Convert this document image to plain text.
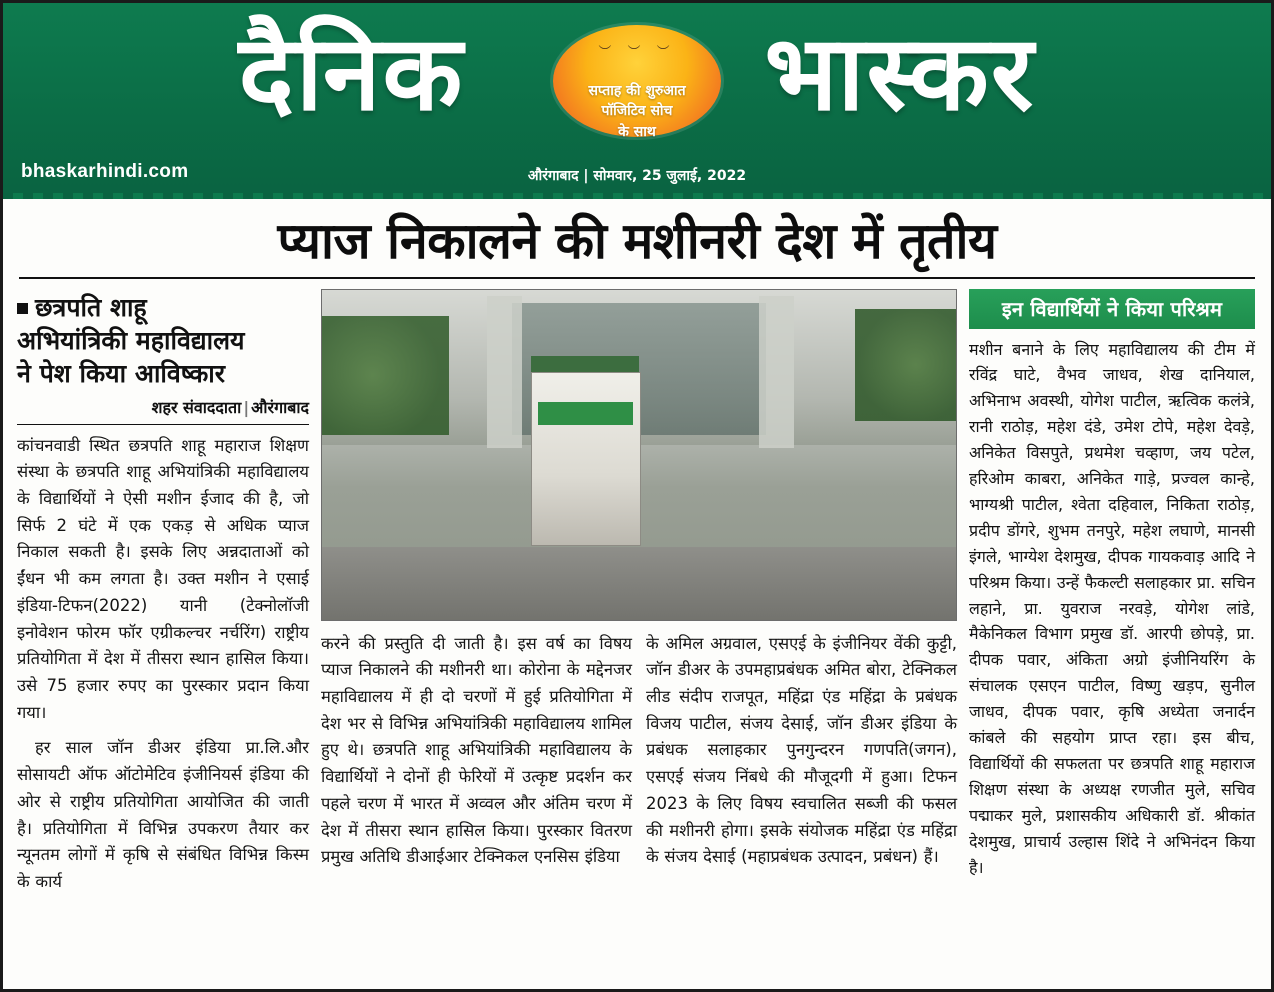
दैनिक	भास्कर
︶ ︶ ︶
सप्ताह की शुरुआत
पॉजिटिव सोच
के साथ
bhaskarhindi.com	औरंगाबाद | सोमवार, 25 जुलाई, 2022
प्याज निकालने की मशीनरी देश में तृतीय
छत्रपति शाहू
अभियांत्रिकी महाविद्यालय
ने पेश किया आविष्कार
शहर संवाददाता | औरंगाबाद

कांचनवाडी स्थित छत्रपति शाहू महाराज शिक्षण संस्था के छत्रपति शाहू अभियांत्रिकी महाविद्यालय के विद्यार्थियों ने ऐसी मशीन ईजाद की है, जो सिर्फ 2 घंटे में एक एकड़ से अधिक प्याज निकाल सकती है। इसके लिए अन्नदाताओं को ईंधन भी कम लगता है। उक्त मशीन ने एसाई इंडिया-टिफन(2022) यानी (टेक्नोलॉजी इनोवेशन फोरम फॉर एग्रीकल्चर नर्चरिंग) राष्ट्रीय प्रतियोगिता में देश में तीसरा स्थान हासिल किया। उसे 75 हजार रुपए का पुरस्कार प्रदान किया गया।

हर साल जॉन डीअर इंडिया प्रा.लि.और सोसायटी ऑफ ऑटोमेटिव इंजीनियर्स इंडिया की ओर से राष्ट्रीय प्रतियोगिता आयोजित की जाती है। प्रतियोगिता में विभिन्न उपकरण तैयार कर न्यूनतम लोगों में कृषि से संबंधित विभिन्न किस्म के कार्य

करने की प्रस्तुति दी जाती है। इस वर्ष का विषय प्याज निकालने की मशीनरी था। कोरोना के मद्देनजर महाविद्यालय में ही दो चरणों में हुई प्रतियोगिता में देश भर से विभिन्न अभियांत्रिकी महाविद्यालय शामिल हुए थे। छत्रपति शाहू अभियांत्रिकी महाविद्यालय के विद्यार्थियों ने दोनों ही फेरियों में उत्कृष्ट प्रदर्शन कर पहले चरण में भारत में अव्वल और अंतिम चरण में देश में तीसरा स्थान हासिल किया। पुरस्कार वितरण प्रमुख अतिथि डीआईआर टेक्निकल एनसिस इंडिया

के अमिल अग्रवाल, एसएई के इंजीनियर वेंकी कुट्टी, जॉन डीअर के उपमहाप्रबंधक अमित बोरा, टेक्निकल लीड संदीप राजपूत, महिंद्रा एंड महिंद्रा के प्रबंधक विजय पाटील, संजय देसाई, जॉन डीअर इंडिया के प्रबंधक सलाहकार पुनगुन्दरन गणपति(जगन), एसएई संजय निंबधे की मौजूदगी में हुआ। टिफन 2023 के लिए विषय स्वचालित सब्जी की फसल की मशीनरी होगा। इसके संयोजक महिंद्रा एंड महिंद्रा के संजय देसाई (महाप्रबंधक उत्पादन, प्रबंधन) हैं।

इन विद्यार्थियों ने किया परिश्रम

मशीन बनाने के लिए महाविद्यालय की टीम में रविंद्र घाटे, वैभव जाधव, शेख दानियाल, अभिनाभ अवस्थी, योगेश पाटील, ऋत्विक कलंत्रे, रानी राठोड़, महेश दंडे, उमेश टोपे, महेश देवड़े, अनिकेत विसपुते, प्रथमेश चव्हाण, जय पटेल, हरिओम काबरा, अनिकेत गाड़े, प्रज्वल कान्हे, भाग्यश्री पाटील, श्वेता दहिवाल, निकिता राठोड़, प्रदीप डोंगरे, शुभम तनपुरे, महेश लघाणे, मानसी इंगले, भाग्येश देशमुख, दीपक गायकवाड़ आदि ने परिश्रम किया। उन्हें फैकल्टी सलाहकार प्रा. सचिन लहाने, प्रा. युवराज नरवड़े, योगेश लांडे, मैकेनिकल विभाग प्रमुख डॉ. आरपी छोपड़े, प्रा. दीपक पवार, अंकिता अग्रो इंजीनियरिंग के संचालक एसएन पाटील, विष्णु खड़प, सुनील जाधव, दीपक पवार, कृषि अध्येता जनार्दन कांबले की सहयोग प्राप्त रहा। इस बीच, विद्यार्थियों की सफलता पर छत्रपति शाहू महाराज शिक्षण संस्था के अध्यक्ष रणजीत मुले, सचिव पद्माकर मुले, प्रशासकीय अधिकारी डॉ. श्रीकांत देशमुख, प्राचार्य उल्हास शिंदे ने अभिनंदन किया है।
